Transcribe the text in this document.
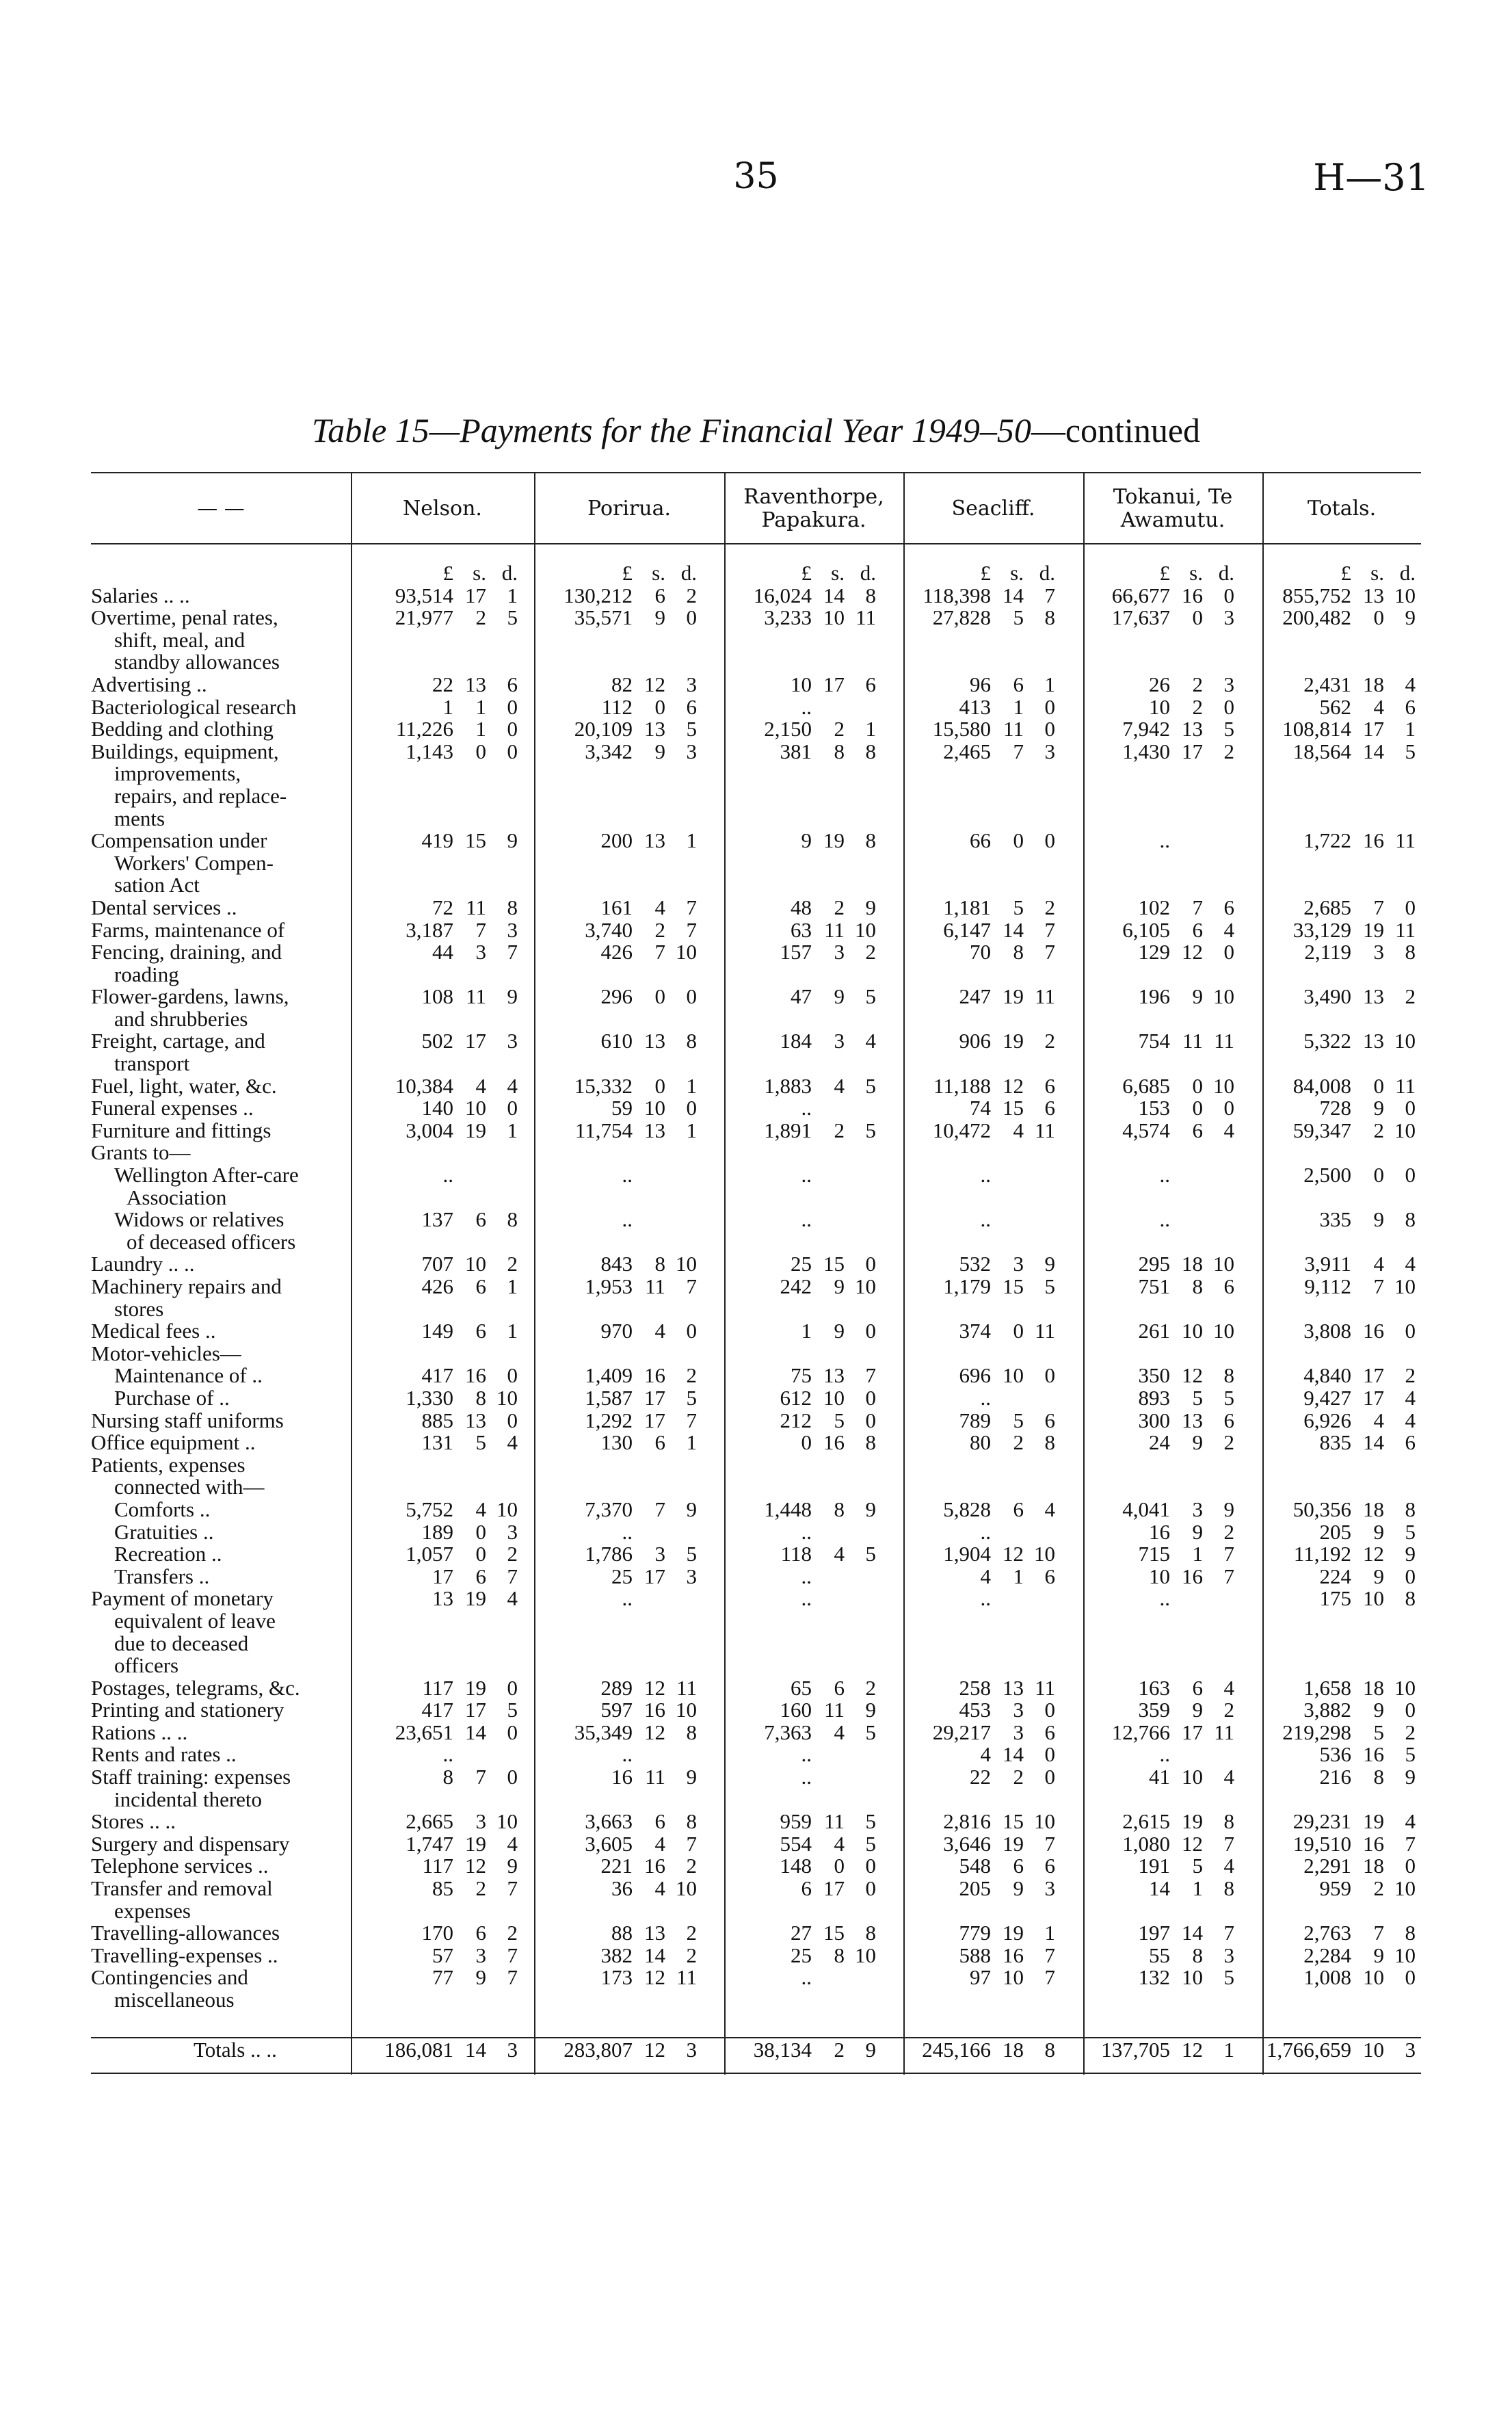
35	H—31
Table 15—Payments for the Financial Year 1949–50—continued
— —	Nelson.	Porirua.	Raventhorpe, Papakura.	Seacliff.	Tokanui, Te Awamutu.	Totals.

	£ s. d.	£ s. d.	£ s. d.	£ s. d.	£ s. d.	£ s. d.

Salaries .. ..	93,514 17 1	130,212 6 2	16,024 14 8	118,398 14 7	66,677 16 0	855,752 13 10

Overtime, penal rates,
shift, meal, and
standby allowances	21,977 2 5	35,571 9 0	3,233 10 11	27,828 5 8	17,637 0 3	200,482 0 9

Advertising ..	22 13 6	82 12 3	10 17 6	96 6 1	26 2 3	2,431 18 4

Bacteriological research	1 1 0	112 0 6	..	413 1 0	10 2 0	562 4 6

Bedding and clothing	11,226 1 0	20,109 13 5	2,150 2 1	15,580 11 0	7,942 13 5	108,814 17 1

Buildings, equipment,
improvements,
repairs, and replace-
ments	1,143 0 0	3,342 9 3	381 8 8	2,465 7 3	1,430 17 2	18,564 14 5

Compensation under
Workers' Compen-
sation Act	419 15 9	200 13 1	9 19 8	66 0 0	..	1,722 16 11

Dental services ..	72 11 8	161 4 7	48 2 9	1,181 5 2	102 7 6	2,685 7 0

Farms, maintenance of	3,187 7 3	3,740 2 7	63 11 10	6,147 14 7	6,105 6 4	33,129 19 11

Fencing, draining, and
roading	44 3 7	426 7 10	157 3 2	70 8 7	129 12 0	2,119 3 8

Flower-gardens, lawns,
and shrubberies	108 11 9	296 0 0	47 9 5	247 19 11	196 9 10	3,490 13 2

Freight, cartage, and
transport	502 17 3	610 13 8	184 3 4	906 19 2	754 11 11	5,322 13 10

Fuel, light, water, &c.	10,384 4 4	15,332 0 1	1,883 4 5	11,188 12 6	6,685 0 10	84,008 0 11

Funeral expenses ..	140 10 0	59 10 0	..	74 15 6	153 0 0	728 9 0

Furniture and fittings	3,004 19 1	11,754 13 1	1,891 2 5	10,472 4 11	4,574 6 4	59,347 2 10

Grants to—						

Wellington After-care
Association	..	..	..	..	..	2,500 0 0

Widows or relatives
of deceased officers	137 6 8	..	..	..	..	335 9 8

Laundry .. ..	707 10 2	843 8 10	25 15 0	532 3 9	295 18 10	3,911 4 4

Machinery repairs and
stores	426 6 1	1,953 11 7	242 9 10	1,179 15 5	751 8 6	9,112 7 10

Medical fees ..	149 6 1	970 4 0	1 9 0	374 0 11	261 10 10	3,808 16 0

Motor-vehicles—						

Maintenance of ..	417 16 0	1,409 16 2	75 13 7	696 10 0	350 12 8	4,840 17 2

Purchase of ..	1,330 8 10	1,587 17 5	612 10 0	..	893 5 5	9,427 17 4

Nursing staff uniforms	885 13 0	1,292 17 7	212 5 0	789 5 6	300 13 6	6,926 4 4

Office equipment ..	131 5 4	130 6 1	0 16 8	80 2 8	24 9 2	835 14 6

Patients, expenses
connected with—						

Comforts ..	5,752 4 10	7,370 7 9	1,448 8 9	5,828 6 4	4,041 3 9	50,356 18 8

Gratuities ..	189 0 3	..	..	..	16 9 2	205 9 5

Recreation ..	1,057 0 2	1,786 3 5	118 4 5	1,904 12 10	715 1 7	11,192 12 9

Transfers ..	17 6 7	25 17 3	..	4 1 6	10 16 7	224 9 0

Payment of monetary
equivalent of leave
due to deceased
officers	13 19 4	..	..	..	..	175 10 8

Postages, telegrams, &c.	117 19 0	289 12 11	65 6 2	258 13 11	163 6 4	1,658 18 10

Printing and stationery	417 17 5	597 16 10	160 11 9	453 3 0	359 9 2	3,882 9 0

Rations .. ..	23,651 14 0	35,349 12 8	7,363 4 5	29,217 3 6	12,766 17 11	219,298 5 2

Rents and rates ..	..	..	..	4 14 0	..	536 16 5

Staff training: expenses
incidental thereto	8 7 0	16 11 9	..	22 2 0	41 10 4	216 8 9

Stores .. ..	2,665 3 10	3,663 6 8	959 11 5	2,816 15 10	2,615 19 8	29,231 19 4

Surgery and dispensary	1,747 19 4	3,605 4 7	554 4 5	3,646 19 7	1,080 12 7	19,510 16 7

Telephone services ..	117 12 9	221 16 2	148 0 0	548 6 6	191 5 4	2,291 18 0

Transfer and removal
expenses	85 2 7	36 4 10	6 17 0	205 9 3	14 1 8	959 2 10

Travelling-allowances	170 6 2	88 13 2	27 15 8	779 19 1	197 14 7	2,763 7 8

Travelling-expenses ..	57 3 7	382 14 2	25 8 10	588 16 7	55 8 3	2,284 9 10

Contingencies and
miscellaneous	77 9 7	173 12 11	..	97 10 7	132 10 5	1,008 10 0

Totals .. ..	186,081 14 3	283,807 12 3	38,134 2 9	245,166 18 8	137,705 12 1	1,766,659 10 3
